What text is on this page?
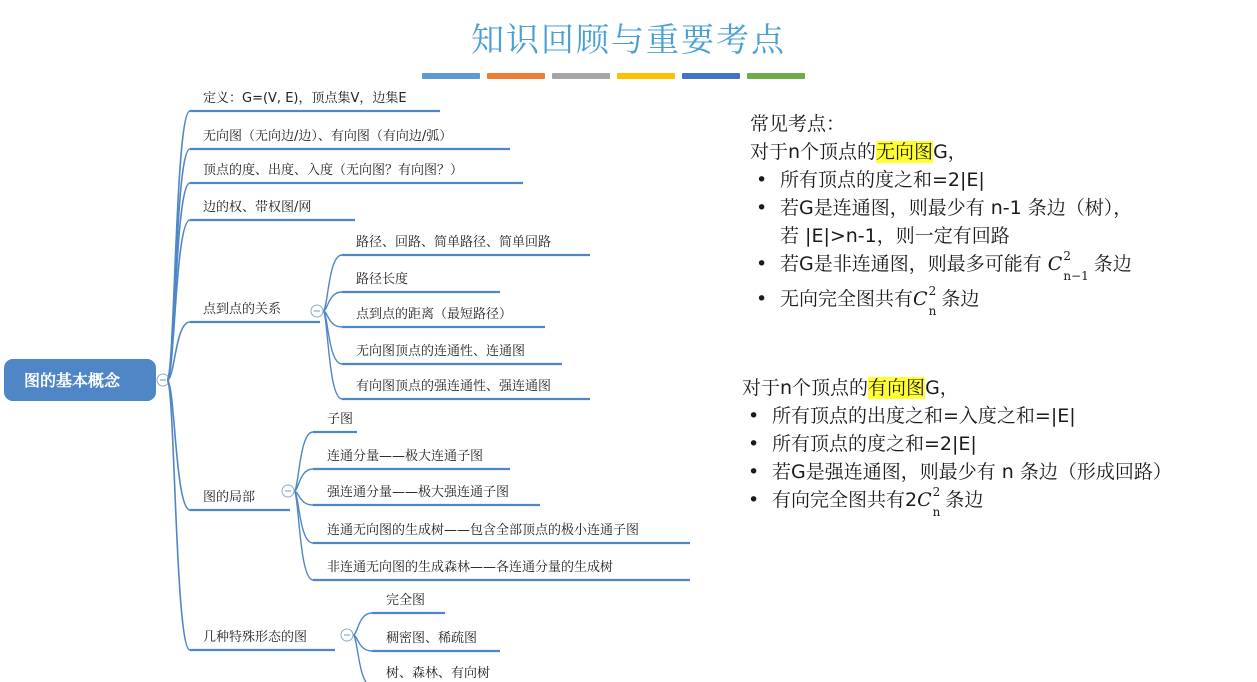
知识回顾与重要考点
图的基本概念
定义：G=(V, E)，顶点集V，边集E
无向图（无向边/边）、有向图（有向边/弧）
顶点的度、出度、入度（无向图？有向图？）
边的权、带权图/网
点到点的关系
路径、回路、简单路径、简单回路
路径长度
点到点的距离（最短路径）
无向图顶点的连通性、连通图
有向图顶点的强连通性、强连通图
图的局部
子图
连通分量——极大连通子图
强连通分量——极大强连通子图
连通无向图的生成树——包含全部顶点的极小连通子图
非连通无向图的生成森林——各连通分量的生成树
几种特殊形态的图
完全图
稠密图、稀疏图
树、森林、有向树
常见考点：
对于n个顶点的无向图G，
• 所有顶点的度之和=2|E|
• 若G是连通图，则最少有 n-1 条边（树），
若 |E|>n-1，则一定有回路
• 若G是非连通图，则最多可能有 C 2
$_{n-1}$ 条边
• 无向完全图共有C 2
$_n$ 条边
对于n个顶点的有向图G，
• 所有顶点的出度之和=入度之和=|E|
• 所有顶点的度之和=2|E|
• 若G是强连通图，则最少有 n 条边（形成回路）
• 有向完全图共有2C 2
$_n$ 条边
